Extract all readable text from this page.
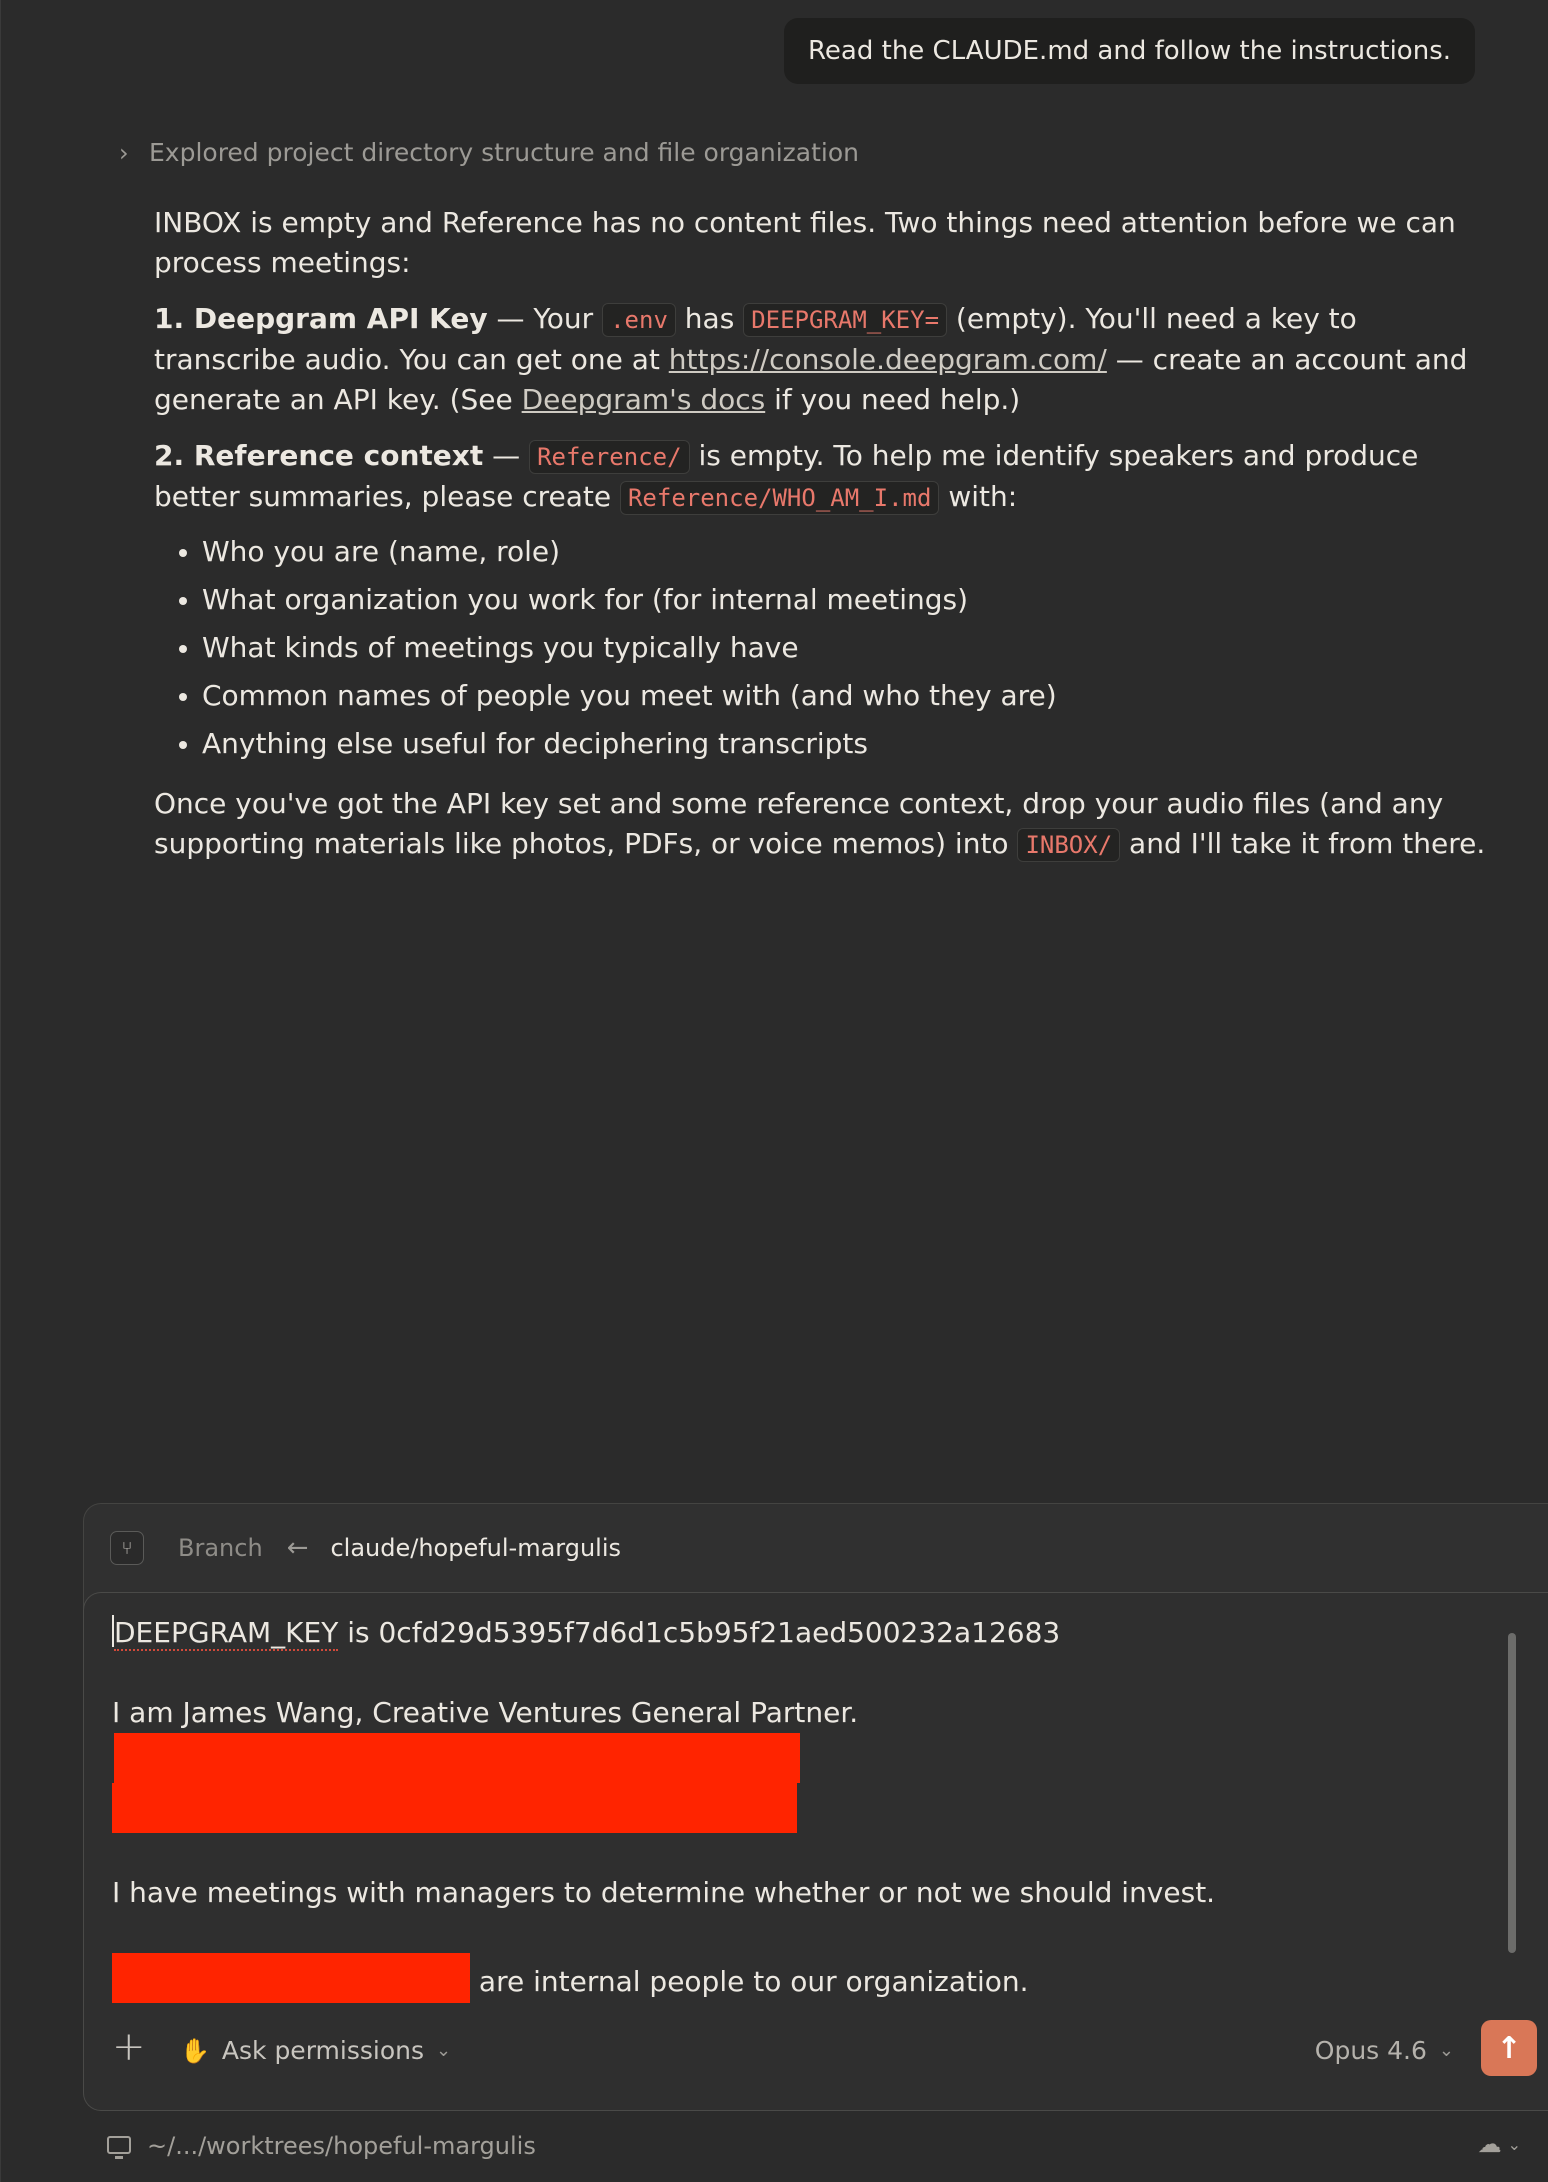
Read the CLAUDE.md and follow the instructions.
› Explored project directory structure and file organization

INBOX is empty and Reference has no content files. Two things need attention before we can process meetings:

1. Deepgram API Key — Your .env has DEEPGRAM_KEY= (empty). You'll need a key to transcribe audio. You can get one at https://console.deepgram.com/ — create an account and generate an API key. (See Deepgram's docs if you need help.)

2. Reference context — Reference/ is empty. To help me identify speakers and produce better summaries, please create Reference/WHO_AM_I.md with:

Who you are (name, role)
What organization you work for (for internal meetings)
What kinds of meetings you typically have
Common names of people you meet with (and who they are)
Anything else useful for deciphering transcripts

Once you've got the API key set and some reference context, drop your audio files (and any supporting materials like photos, PDFs, or voice memos) into INBOX/ and I'll take it from there.

⑂	Branch ← claude/hopeful-margulis
DEEPGRAM_KEY is 0cfd29d5395f7d6d1c5b95f21aed500232a12683
I am James Wang, Creative Ventures General Partner.

I have meetings with managers to determine whether or not we should invest.
are internal people to our organization.
+ ✋ Ask permissions ⌄	Opus 4.6 ⌄ ↑
~/.../worktrees/hopeful-margulis	☁ ⌄
